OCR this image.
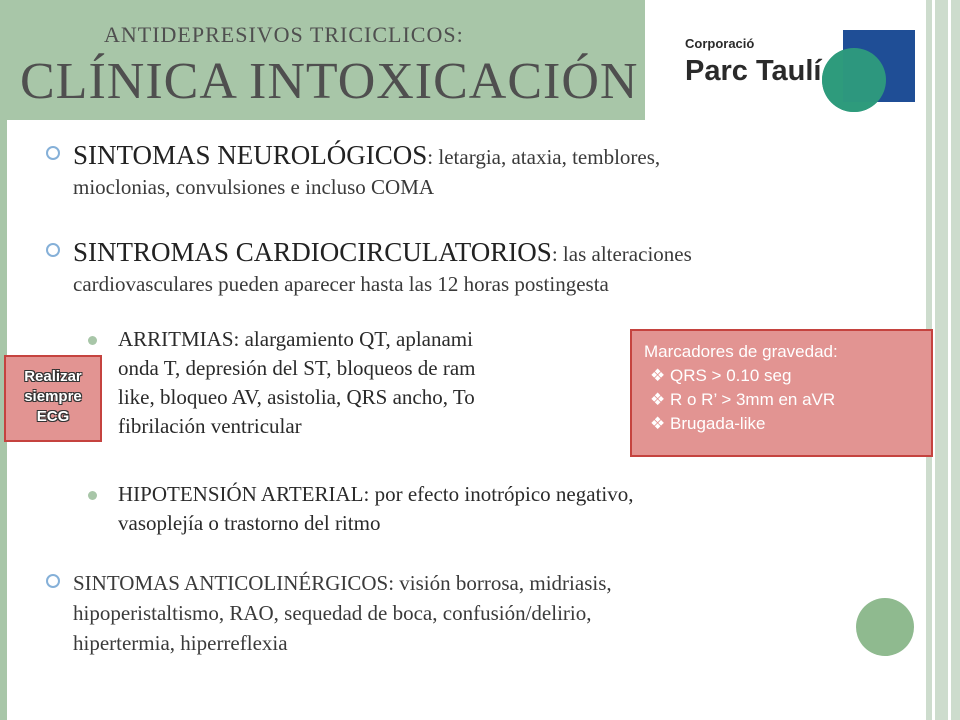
ANTIDEPRESIVOS TRICICLICOS:
CLÍNICA INTOXICACIÓN
Corporació
Parc Taulí
SINTOMAS NEUROLÓGICOS: letargia, ataxia, temblores,
mioclonias, convulsiones e incluso COMA
SINTROMAS CARDIOCIRCULATORIOS: las alteraciones
cardiovasculares pueden aparecer hasta las 12 horas postingesta
ARRITMIAS: alargamiento QT, aplanami
onda T, depresión del ST, bloqueos de ram
like, bloqueo AV, asistolia, QRS ancho, To
fibrilación ventricular
HIPOTENSIÓN ARTERIAL: por efecto inotrópico negativo,
vasoplejía o trastorno del ritmo
SINTOMAS ANTICOLINÉRGICOS: visión borrosa, midriasis,
hipoperistaltismo, RAO, sequedad de boca, confusión/delirio,
hipertermia, hiperreflexia
Realizar
siempre
ECG
Marcadores de gravedad:
❖ QRS > 0.10 seg
❖ R o R’ > 3mm en aVR
❖ Brugada-like
